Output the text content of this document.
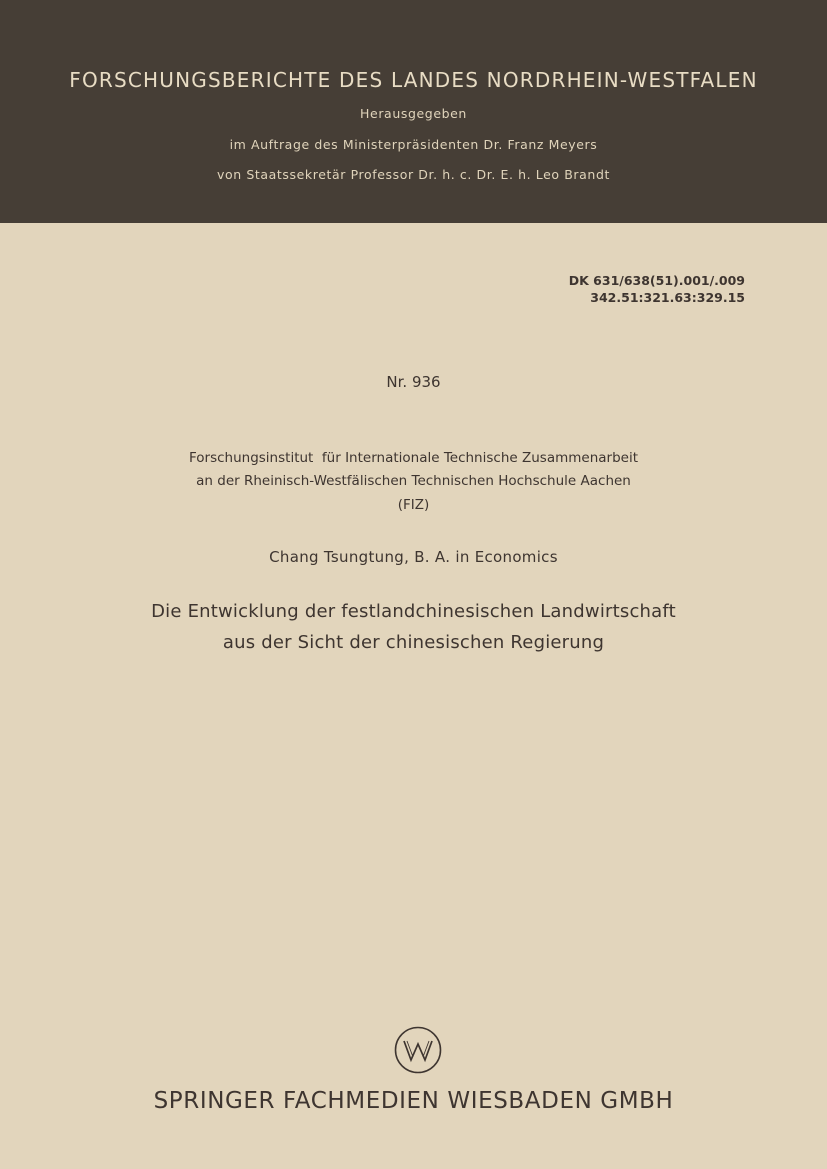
FORSCHUNGSBERICHTE DES LANDES NORDRHEIN-WESTFALEN
Herausgegeben
im Auftrage des Ministerpräsidenten Dr. Franz Meyers
von Staatssekretär Professor Dr. h. c. Dr. E. h. Leo Brandt
DK 631/638(51).001/.009
342.51:321.63:329.15
Nr. 936
Forschungsinstitut  für Internationale Technische Zusammenarbeit
an der Rheinisch-Westfälischen Technischen Hochschule Aachen
(FIZ)
Chang Tsungtung, B. A. in Economics
Die Entwicklung der festlandchinesischen Landwirtschaft
aus der Sicht der chinesischen Regierung
SPRINGER FACHMEDIEN WIESBADEN GMBH
